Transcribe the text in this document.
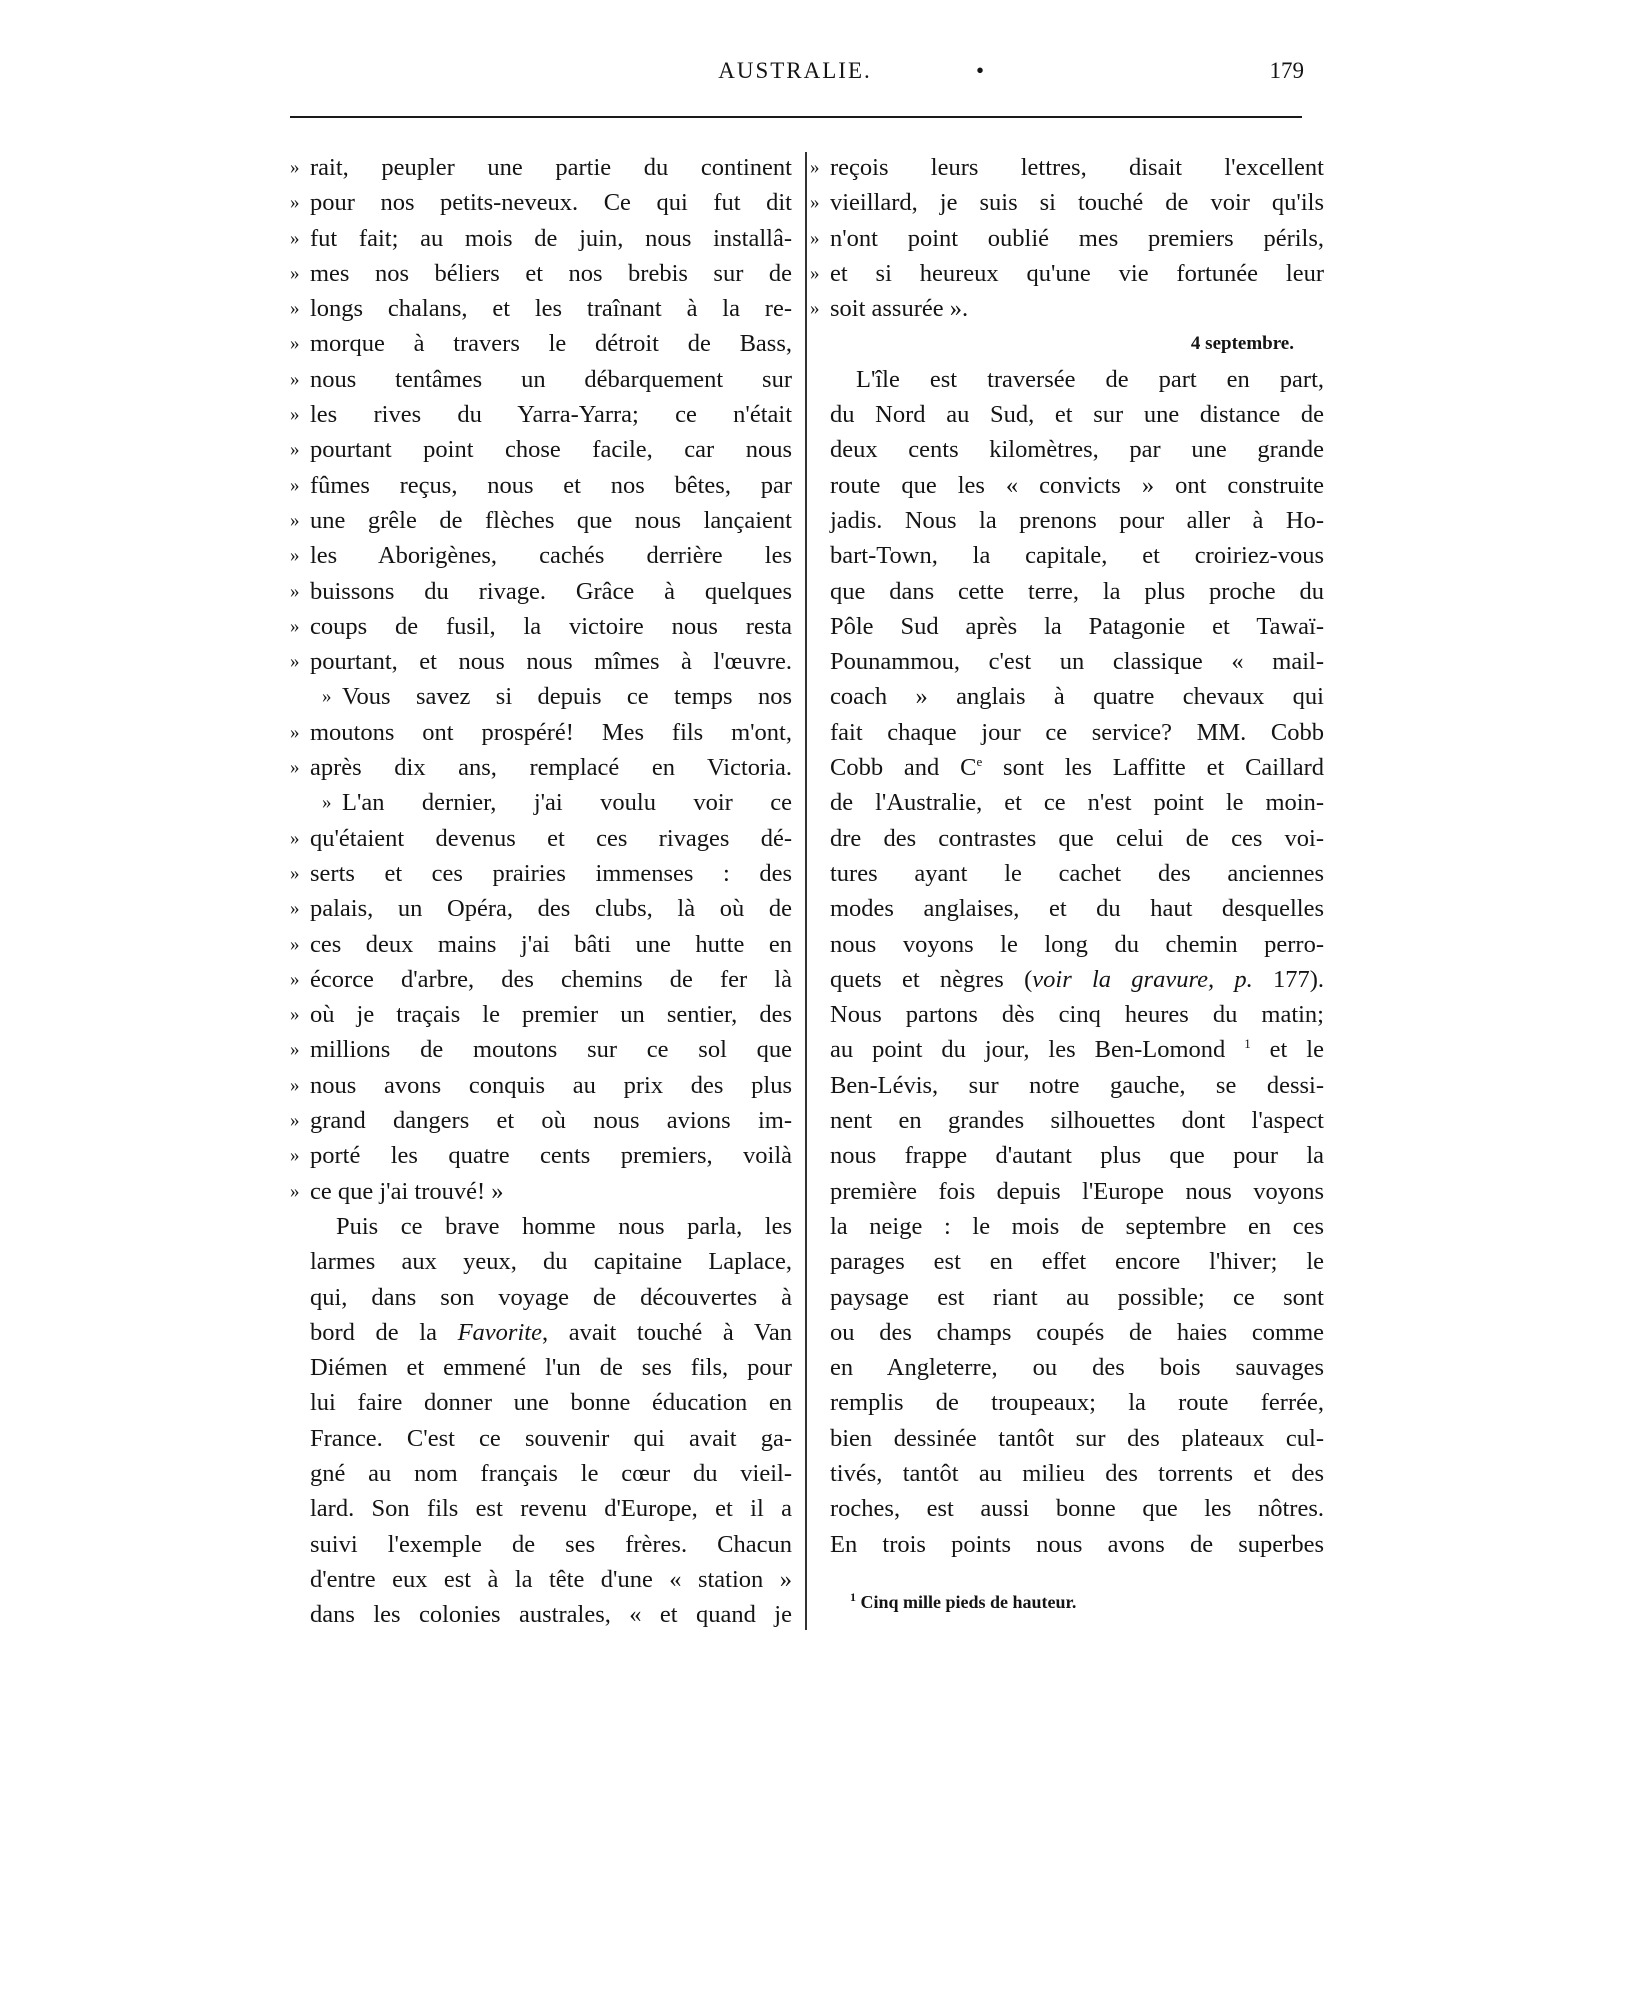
AUSTRALIE.	•	179
» rait, peupler une partie du continent
» pour nos petits-neveux. Ce qui fut dit
» fut fait; au mois de juin, nous installâ-
» mes nos béliers et nos brebis sur de
» longs chalans, et les traînant à la re-
» morque à travers le détroit de Bass,
» nous tentâmes un débarquement sur
» les rives du Yarra-Yarra; ce n'était
» pourtant point chose facile, car nous
» fûmes reçus, nous et nos bêtes, par
» une grêle de flèches que nous lançaient
» les Aborigènes, cachés derrière les
» buissons du rivage. Grâce à quelques
» coups de fusil, la victoire nous resta
» pourtant, et nous nous mîmes à l'œuvre.
» Vous savez si depuis ce temps nos
» moutons ont prospéré! Mes fils m'ont,
» après dix ans, remplacé en Victoria.
» L'an dernier, j'ai voulu voir ce
» qu'étaient devenus et ces rivages dé-
» serts et ces prairies immenses : des
» palais, un Opéra, des clubs, là où de
» ces deux mains j'ai bâti une hutte en
» écorce d'arbre, des chemins de fer là
» où je traçais le premier un sentier, des
» millions de moutons sur ce sol que
» nous avons conquis au prix des plus
» grand dangers et où nous avions im-
» porté les quatre cents premiers, voilà
» ce que j'ai trouvé! »
Puis ce brave homme nous parla, les
larmes aux yeux, du capitaine Laplace,
qui, dans son voyage de découvertes à
bord de la Favorite, avait touché à Van
Diémen et emmené l'un de ses fils, pour
lui faire donner une bonne éducation en
France. C'est ce souvenir qui avait ga-
gné au nom français le cœur du vieil-
lard. Son fils est revenu d'Europe, et il a
suivi l'exemple de ses frères. Chacun
d'entre eux est à la tête d'une « station »
dans les colonies australes, « et quand je
» reçois leurs lettres, disait l'excellent
» vieillard, je suis si touché de voir qu'ils
» n'ont point oublié mes premiers périls,
» et si heureux qu'une vie fortunée leur
» soit assurée ».
4 septembre.
L'île est traversée de part en part,
du Nord au Sud, et sur une distance de
deux cents kilomètres, par une grande
route que les « convicts » ont construite
jadis. Nous la prenons pour aller à Ho-
bart-Town, la capitale, et croiriez-vous
que dans cette terre, la plus proche du
Pôle Sud après la Patagonie et Tawaï-
Pounammou, c'est un classique « mail-
coach » anglais à quatre chevaux qui
fait chaque jour ce service? MM. Cobb
Cobb and Ce sont les Laffitte et Caillard
de l'Australie, et ce n'est point le moin-
dre des contrastes que celui de ces voi-
tures ayant le cachet des anciennes
modes anglaises, et du haut desquelles
nous voyons le long du chemin perro-
quets et nègres (voir la gravure, p. 177).
Nous partons dès cinq heures du matin;
au point du jour, les Ben-Lomond $^1$ et le
Ben-Lévis, sur notre gauche, se dessi-
nent en grandes silhouettes dont l'aspect
nous frappe d'autant plus que pour la
première fois depuis l'Europe nous voyons
la neige : le mois de septembre en ces
parages est en effet encore l'hiver; le
paysage est riant au possible; ce sont
ou des champs coupés de haies comme
en Angleterre, ou des bois sauvages
remplis de troupeaux; la route ferrée,
bien dessinée tantôt sur des plateaux cul-
tivés, tantôt au milieu des torrents et des
roches, est aussi bonne que les nôtres.
En trois points nous avons de superbes
$^1$ Cinq mille pieds de hauteur.
